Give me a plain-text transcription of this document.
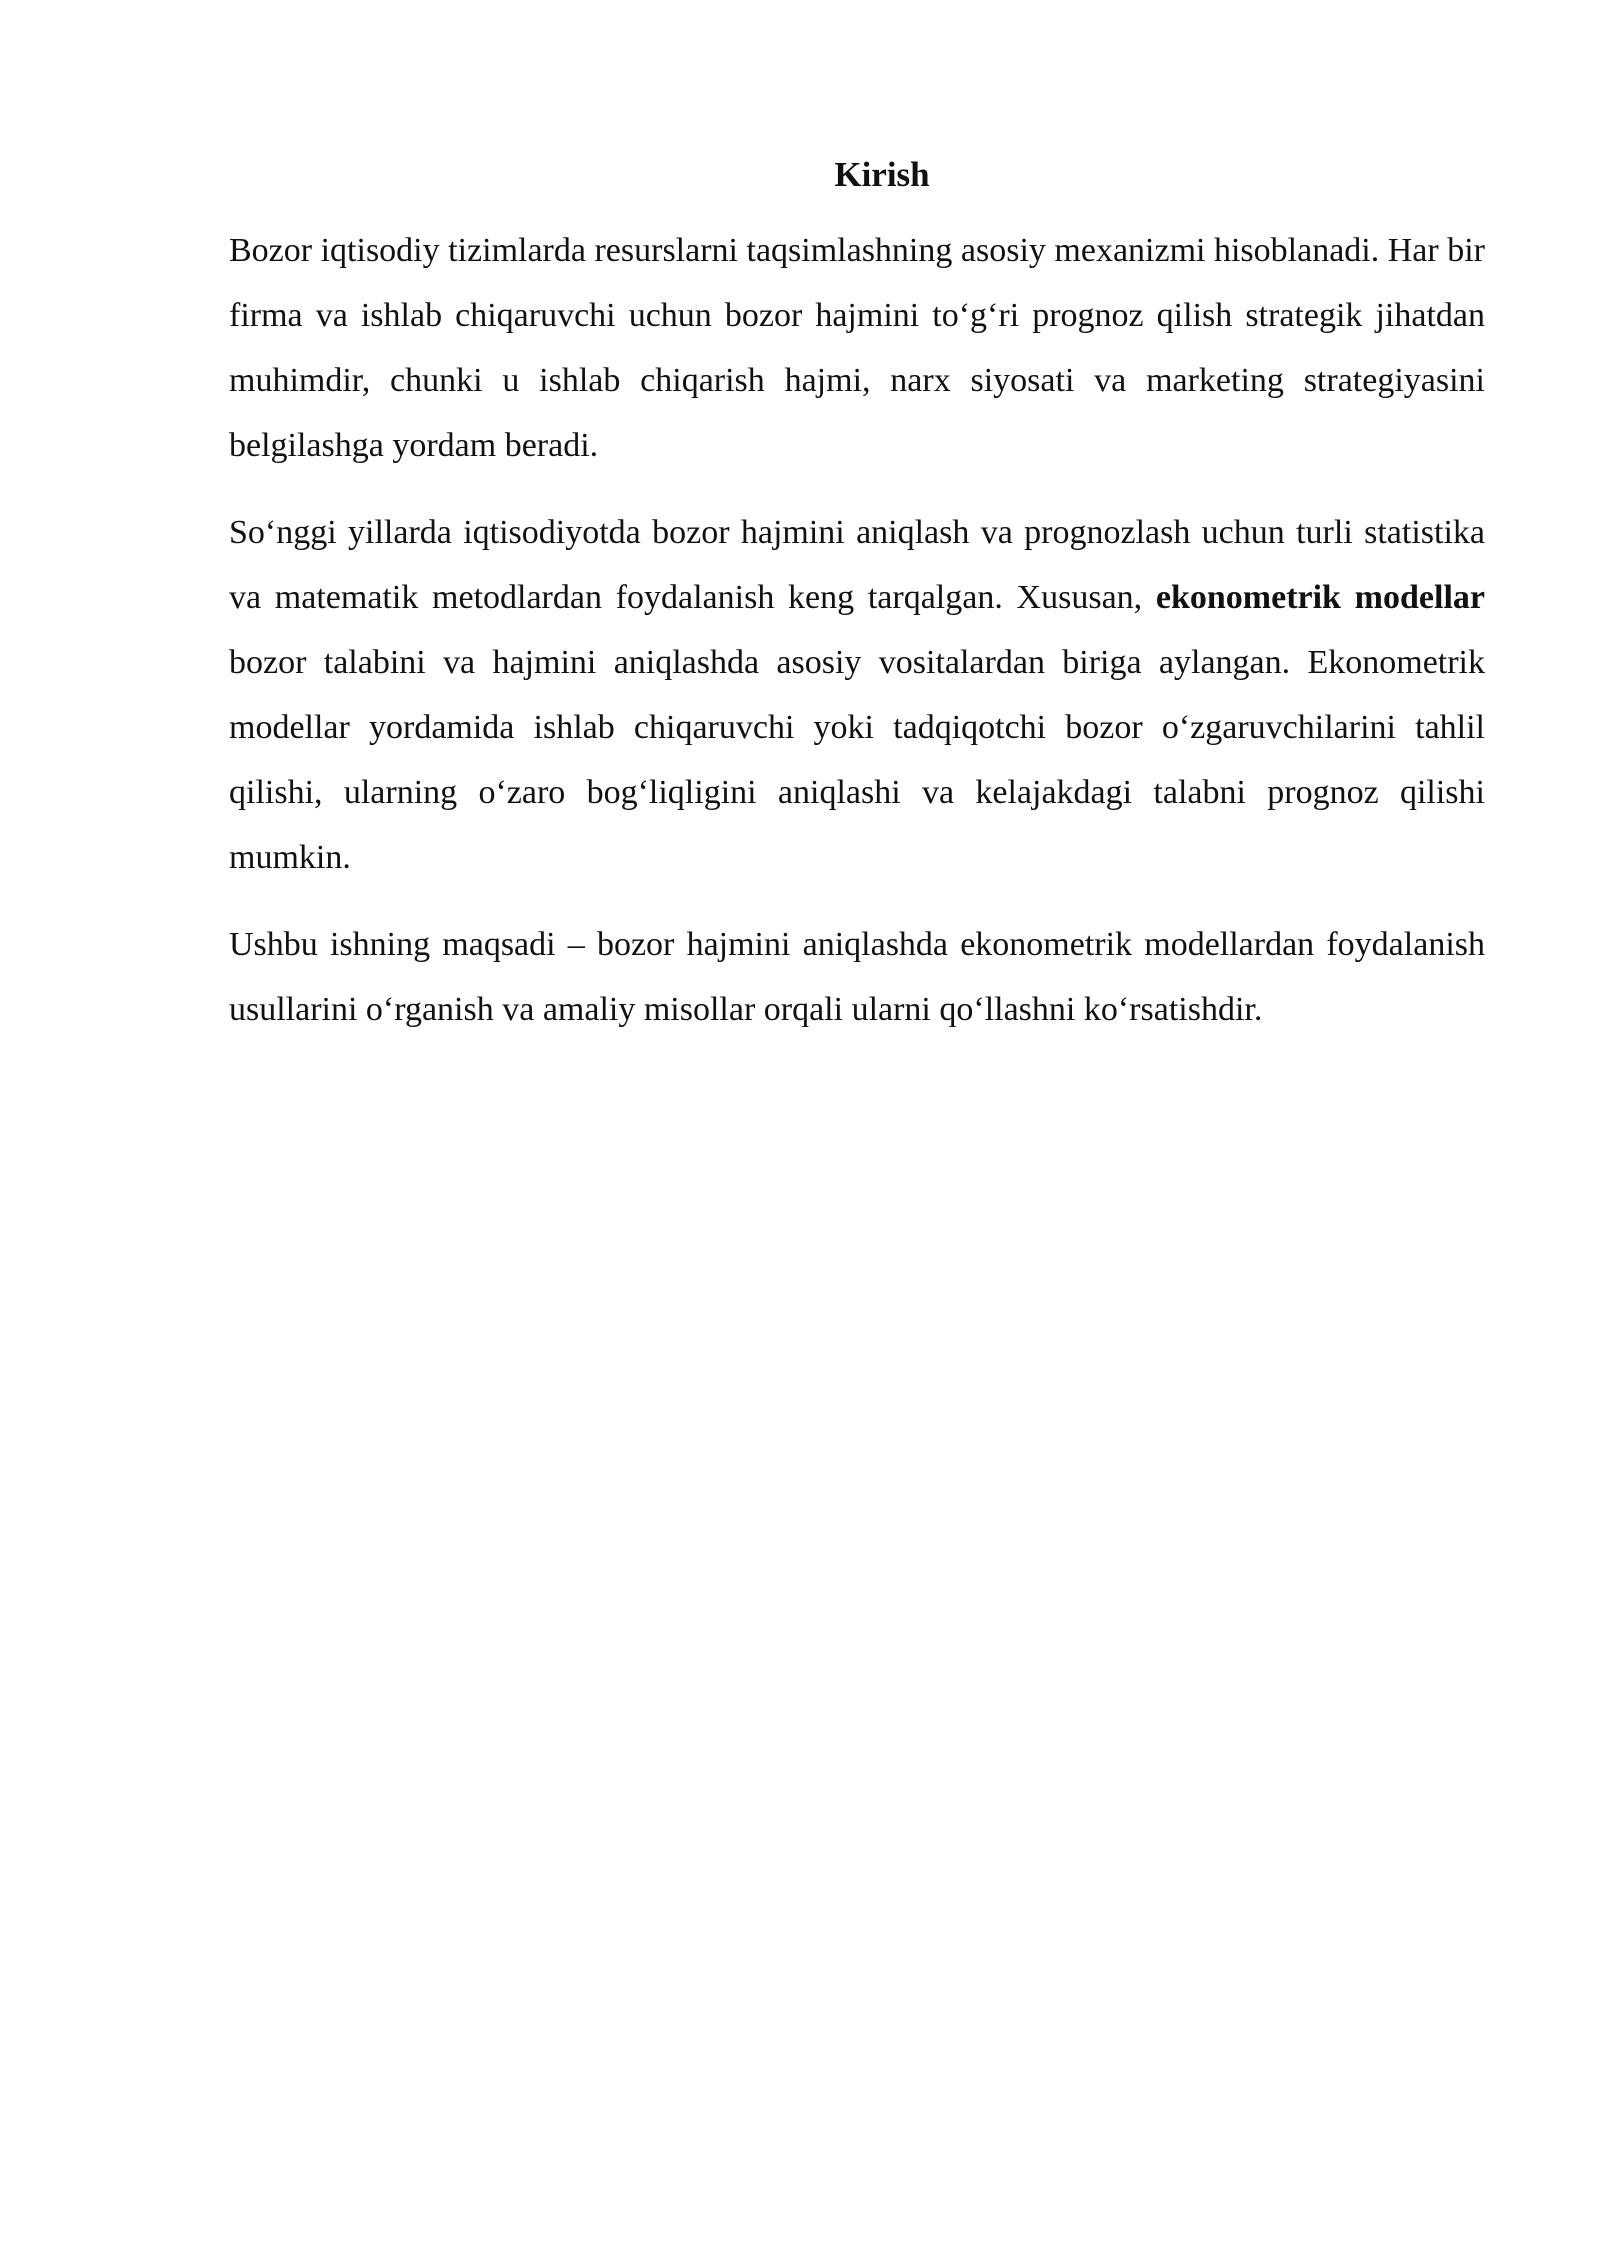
Kirish

Bozor iqtisodiy tizimlarda resurslarni taqsimlashning asosiy mexanizmi hisoblanadi. Har bir firma va ishlab chiqaruvchi uchun bozor hajmini to‘g‘ri prognoz qilish strategik jihatdan muhimdir, chunki u ishlab chiqarish hajmi, narx siyosati va marketing strategiyasini belgilashga yordam beradi.

So‘nggi yillarda iqtisodiyotda bozor hajmini aniqlash va prognozlash uchun turli statistika va matematik metodlardan foydalanish keng tarqalgan. Xususan, ekonometrik modellar bozor talabini va hajmini aniqlashda asosiy vositalardan biriga aylangan. Ekonometrik modellar yordamida ishlab chiqaruvchi yoki tadqiqotchi bozor o‘zgaruvchilarini tahlil qilishi, ularning o‘zaro bog‘liqligini aniqlashi va kelajakdagi talabni prognoz qilishi mumkin.

Ushbu ishning maqsadi – bozor hajmini aniqlashda ekonometrik modellardan foydalanish usullarini o‘rganish va amaliy misollar orqali ularni qo‘llashni ko‘rsatishdir.
